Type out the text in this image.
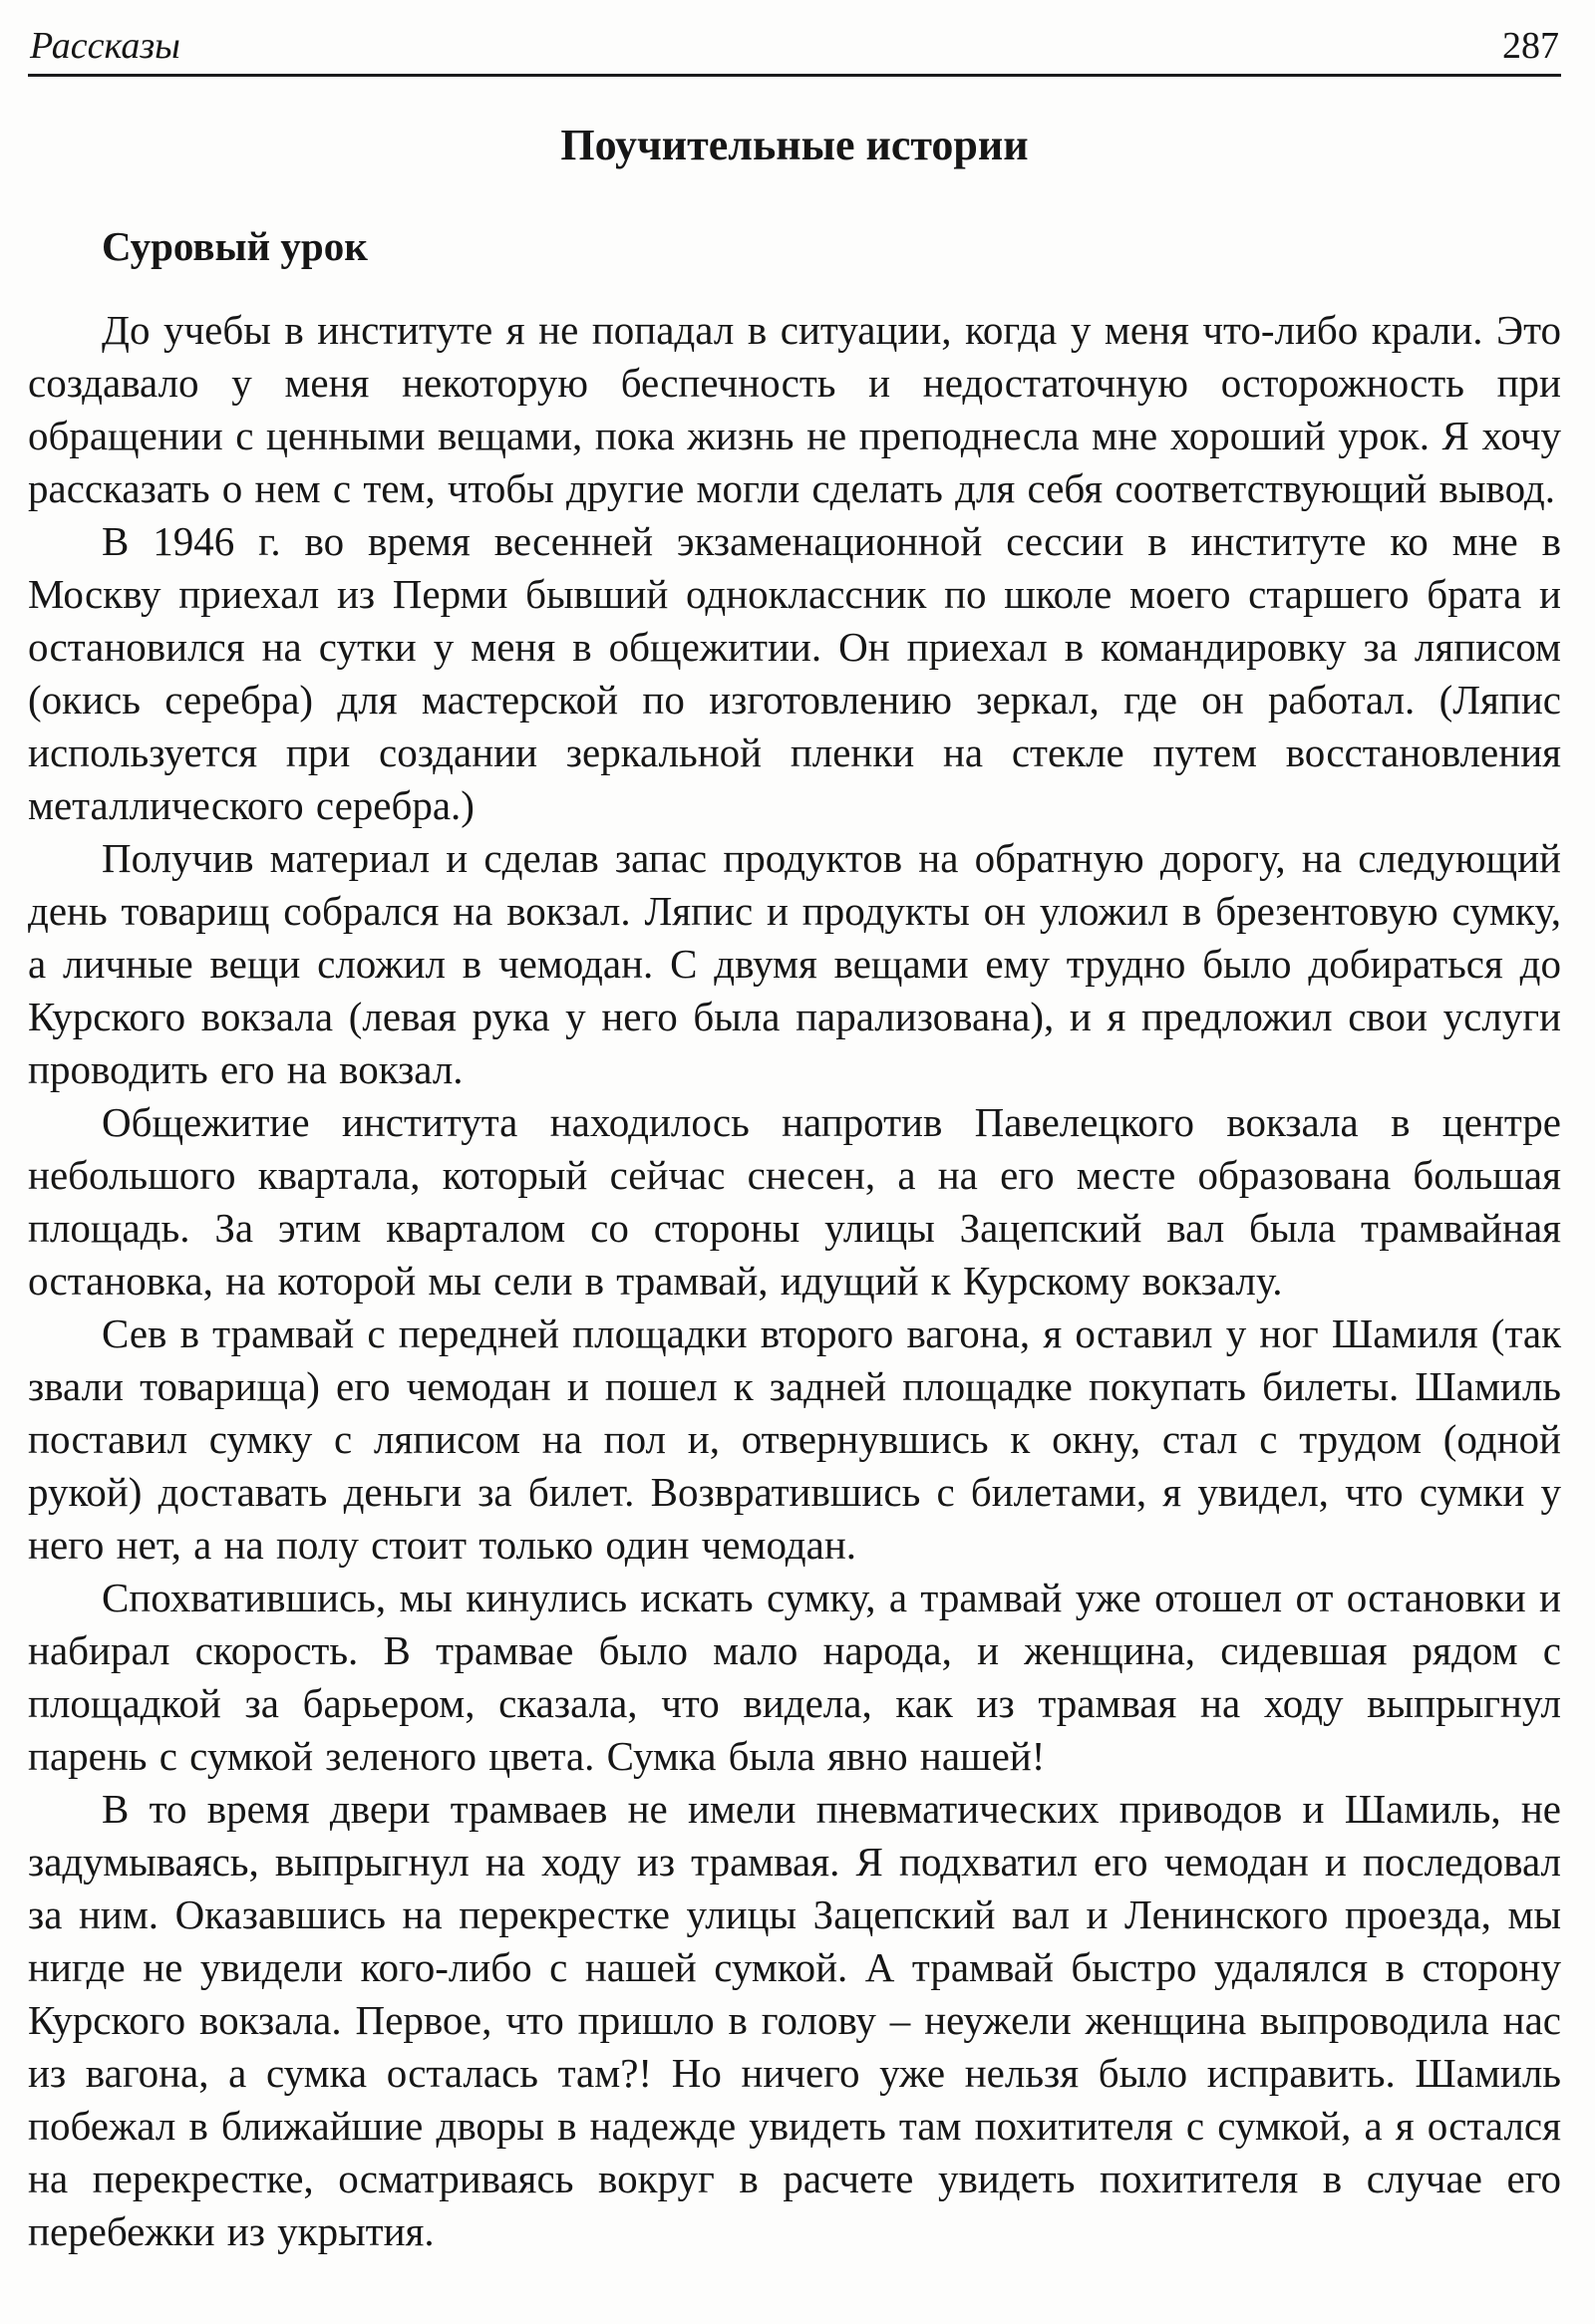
Рассказы	287
Поучительные истории
Суровый урок

До учебы в институте я не попадал в ситуации, когда у меня что-либо крали. Это создавало у меня некоторую беспечность и недостаточную осторожность при обращении с ценными вещами, пока жизнь не преподнесла мне хороший урок. Я хочу рассказать о нем с тем, чтобы другие могли сделать для себя соответствующий вывод.

В 1946 г. во время весенней экзаменационной сессии в институте ко мне в Москву приехал из Перми бывший одноклассник по школе моего старшего брата и остановился на сутки у меня в общежитии. Он приехал в командировку за ляписом (окись серебра) для мастерской по изготовлению зеркал, где он работал. (Ляпис используется при создании зеркальной пленки на стекле путем восстановления металлического серебра.)

Получив материал и сделав запас продуктов на обратную дорогу, на следующий день товарищ собрался на вокзал. Ляпис и продукты он уложил в брезентовую сумку, а личные вещи сложил в чемодан. С двумя вещами ему трудно было добираться до Курского вокзала (левая рука у него была парализована), и я предложил свои услуги проводить его на вокзал.

Общежитие института находилось напротив Павелецкого вокзала в центре небольшого квартала, который сейчас снесен, а на его месте образована большая площадь. За этим кварталом со стороны улицы Зацепский вал была трамвайная остановка, на которой мы сели в трамвай, идущий к Курскому вокзалу.

Сев в трамвай с передней площадки второго вагона, я оставил у ног Шамиля (так звали товарища) его чемодан и пошел к задней площадке покупать билеты. Шамиль поставил сумку с ляписом на пол и, отвернувшись к окну, стал с трудом (одной рукой) доставать деньги за билет. Возвратившись с билетами, я увидел, что сумки у него нет, а на полу стоит только один чемодан.

Спохватившись, мы кинулись искать сумку, а трамвай уже отошел от остановки и набирал скорость. В трамвае было мало народа, и женщина, сидевшая рядом с площадкой за барьером, сказала, что видела, как из трамвая на ходу выпрыгнул парень с сумкой зеленого цвета. Сумка была явно нашей!

В то время двери трамваев не имели пневматических приводов и Шамиль, не задумываясь, выпрыгнул на ходу из трамвая. Я подхватил его чемодан и последовал за ним. Оказавшись на перекрестке улицы Зацепский вал и Ленинского проезда, мы нигде не увидели кого-либо с нашей сумкой. А трамвай быстро удалялся в сторону Курского вокзала. Первое, что пришло в голову – неужели женщина выпроводила нас из вагона, а сумка осталась там?! Но ничего уже нельзя было исправить. Шамиль побежал в ближайшие дворы в надежде увидеть там похитителя с сумкой, а я остался на перекрестке, осматриваясь вокруг в расчете увидеть похитителя в случае его перебежки из укрытия.
